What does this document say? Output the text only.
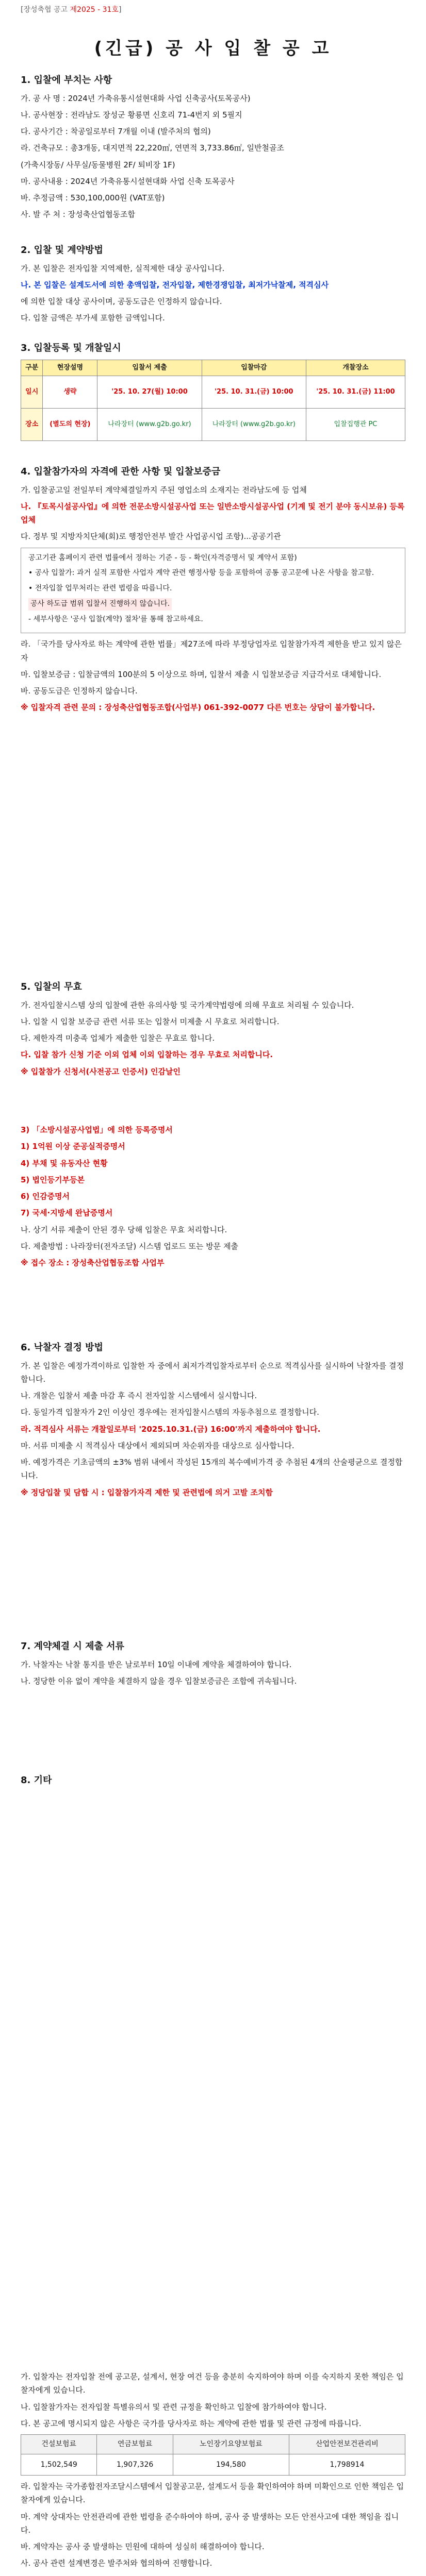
[장성축협 공고 제2025 - 31호]
(긴급) 공 사 입 찰 공 고
1. 입찰에 부치는 사항

가. 공 사 명 : 2024년 가축유통시설현대화 사업 신축공사(토목공사)

나. 공사현장 : 전라남도 장성군 황룡면 신호리 71-4번지 외 5필지

다. 공사기간 : 착공일로부터 7개월 이내 (발주처의 협의)

라. 건축규모 : 총3개동, 대지면적 22,220㎡, 연면적 3,733.86㎡, 일반철골조

(가축시장동/ 사무실/동물병원 2F/ 퇴비장 1F)

마. 공사내용 : 2024년 가축유통시설현대화 사업 신축 토목공사

바. 추정금액 : 530,100,000원 (VAT포함)

사. 발 주 처 : 장성축산업협동조합

2. 입찰 및 계약방법

가. 본 입찰은 전자입찰 지역제한, 실적제한 대상 공사입니다.

나. 본 입찰은 설계도서에 의한 총액입찰, 전자입찰, 제한경쟁입찰, 최저가낙찰제, 적격심사

에 의한 입찰 대상 공사이며, 공동도급은 인정하지 않습니다.

다. 입찰 금액은 부가세 포함한 금액입니다.

3. 입찰등록 및 개찰일시
구분	현장설명	입찰서 제출	입찰마감	개찰장소
일시	생략	'25. 10. 27(월) 10:00	'25. 10. 31.(금) 10:00	'25. 10. 31.(금) 11:00
장소	(별도의 현장)	나라장터 (www.g2b.go.kr)	나라장터 (www.g2b.go.kr)	입찰집행관 PC
4. 입찰참가자의 자격에 관한 사항 및 입찰보증금

가. 입찰공고일 전일부터 계약체결일까지 주된 영업소의 소재지는 전라남도에 등 업체

나. 『토목시설공사업』에 의한 전문소방시설공사업 또는 일반소방시설공사업 (기계 및 전기 분야 동시보유) 등록업체

다. 정부 및 지방자치단체(회)로 행정안전부 발간 사업공시업 조항)...공공기관

공고기관 홈페이지 관련 법률에서 정하는 기준 - 등 - 확인(자격증명서 및 계약서 포함)

• 공사 입찰가: 과거 실적 포함한 사업자 계약 관련 행정사항 등을 포함하여 공통 공고문에 나온 사항을 참고함.

• 전자입찰 업무처리는 관련 법령을 따릅니다.

공사 하도급 범위 입찰서 진행하지 않습니다.

- 세부사항은 '공사 입찰(계약) 절차'를 통해 참고하세요.

라. 「국가를 당사자로 하는 계약에 관한 법률」제27조에 따라 부정당업자로 입찰참가자격 제한을 받고 있지 않은 자

마. 입찰보증금 : 입찰금액의 100분의 5 이상으로 하며, 입찰서 제출 시 입찰보증금 지급각서로 대체합니다.

바. 공동도급은 인정하지 않습니다.

※ 입찰자격 관련 문의 : 장성축산업협동조합(사업부) 061-392-0077 다른 번호는 상담이 불가합니다.

5. 입찰의 무효

가. 전자입찰시스템 상의 입찰에 관한 유의사항 및 국가계약법령에 의해 무효로 처리될 수 있습니다.

나. 입찰 시 입찰 보증금 관련 서류 또는 입찰서 미제출 시 무효로 처리합니다.

다. 제한자격 미충족 업체가 제출한 입찰은 무효로 합니다.

다. 입찰 참가 신청 기준 이외 업체 이외 입찰하는 경우 무효로 처리합니다.

※ 입찰참가 신청서(사전공고 인증서) 인감날인

3) 「소방시설공사업법」에 의한 등록증명서

1) 1억원 이상 준공실적증명서

4) 부채 및 유동자산 현황

5) 법인등기부등본

6) 인감증명서

7) 국세·지방세 완납증명서

나. 상기 서류 제출이 안된 경우 당해 입찰은 무효 처리합니다.

다. 제출방법 : 나라장터(전자조달) 시스템 업로드 또는 방문 제출

※ 접수 장소 : 장성축산업협동조합 사업부

6. 낙찰자 결정 방법

가. 본 입찰은 예정가격이하로 입찰한 자 중에서 최저가격입찰자로부터 순으로 적격심사를 실시하여 낙찰자를 결정합니다.

나. 개찰은 입찰서 제출 마감 후 즉시 전자입찰 시스템에서 실시합니다.

다. 동일가격 입찰자가 2인 이상인 경우에는 전자입찰시스템의 자동추첨으로 결정합니다.

라. 적격심사 서류는 개찰일로부터 '2025.10.31.(금) 16:00'까지 제출하여야 합니다.

마. 서류 미제출 시 적격심사 대상에서 제외되며 차순위자를 대상으로 심사합니다.

바. 예정가격은 기초금액의 ±3% 범위 내에서 작성된 15개의 복수예비가격 중 추첨된 4개의 산술평균으로 결정합니다.

※ 정당입찰 및 담합 시 : 입찰참가자격 제한 및 관련법에 의거 고발 조치함

7. 계약체결 시 제출 서류

가. 낙찰자는 낙찰 통지를 받은 날로부터 10일 이내에 계약을 체결하여야 합니다.

나. 정당한 이유 없이 계약을 체결하지 않을 경우 입찰보증금은 조합에 귀속됩니다.

8. 기타

가. 입찰자는 전자입찰 전에 공고문, 설계서, 현장 여건 등을 충분히 숙지하여야 하며 이를 숙지하지 못한 책임은 입찰자에게 있습니다.

나. 입찰참가자는 전자입찰 특별유의서 및 관련 규정을 확인하고 입찰에 참가하여야 합니다.

다. 본 공고에 명시되지 않은 사항은 국가를 당사자로 하는 계약에 관한 법률 및 관련 규정에 따릅니다.

건설보험료	연금보험료	노인장기요양보험료	산업안전보건관리비
1,502,549	1,907,326	194,580	1,798914

라. 입찰자는 국가종합전자조달시스템에서 입찰공고문, 설계도서 등을 확인하여야 하며 미확인으로 인한 책임은 입찰자에게 있습니다.

마. 계약 상대자는 안전관리에 관한 법령을 준수하여야 하며, 공사 중 발생하는 모든 안전사고에 대한 책임을 집니다.

바. 계약자는 공사 중 발생하는 민원에 대하여 성실히 해결하여야 합니다.

사. 공사 관련 설계변경은 발주처와 협의하여 진행합니다.
